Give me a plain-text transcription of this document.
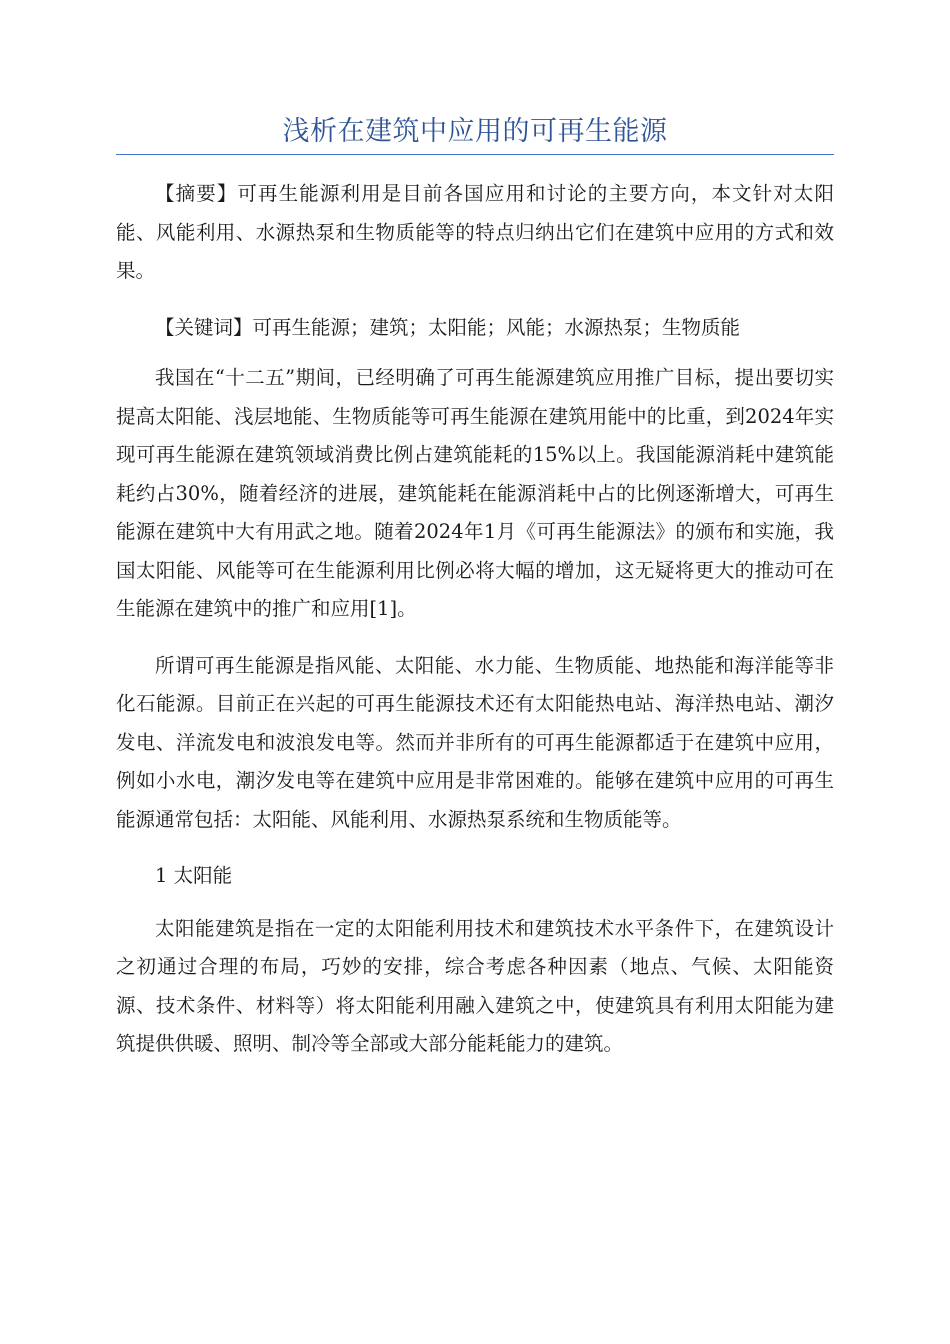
浅析在建筑中应用的可再生能源

【摘要】可再生能源利用是目前各国应用和讨论的主要方向，本文针对太阳能、风能利用、水源热泵和生物质能等的特点归纳出它们在建筑中应用的方式和效果。

【关键词】可再生能源；建筑；太阳能；风能；水源热泵；生物质能

我国在“十二五”期间，已经明确了可再生能源建筑应用推广目标，提出要切实提高太阳能、浅层地能、生物质能等可再生能源在建筑用能中的比重，到2024年实现可再生能源在建筑领域消费比例占建筑能耗的15%以上。我国能源消耗中建筑能耗约占30%，随着经济的进展，建筑能耗在能源消耗中占的比例逐渐增大，可再生能源在建筑中大有用武之地。随着2024年1月《可再生能源法》的颁布和实施，我国太阳能、风能等可在生能源利用比例必将大幅的增加，这无疑将更大的推动可在生能源在建筑中的推广和应用[1]。

所谓可再生能源是指风能、太阳能、水力能、生物质能、地热能和海洋能等非化石能源。目前正在兴起的可再生能源技术还有太阳能热电站、海洋热电站、潮汐发电、洋流发电和波浪发电等。然而并非所有的可再生能源都适于在建筑中应用，例如小水电，潮汐发电等在建筑中应用是非常困难的。能够在建筑中应用的可再生能源通常包括：太阳能、风能利用、水源热泵系统和生物质能等。

1 太阳能

太阳能建筑是指在一定的太阳能利用技术和建筑技术水平条件下，在建筑设计之初通过合理的布局，巧妙的安排，综合考虑各种因素（地点、气候、太阳能资源、技术条件、材料等）将太阳能利用融入建筑之中，使建筑具有利用太阳能为建筑提供供暖、照明、制冷等全部或大部分能耗能力的建筑。
